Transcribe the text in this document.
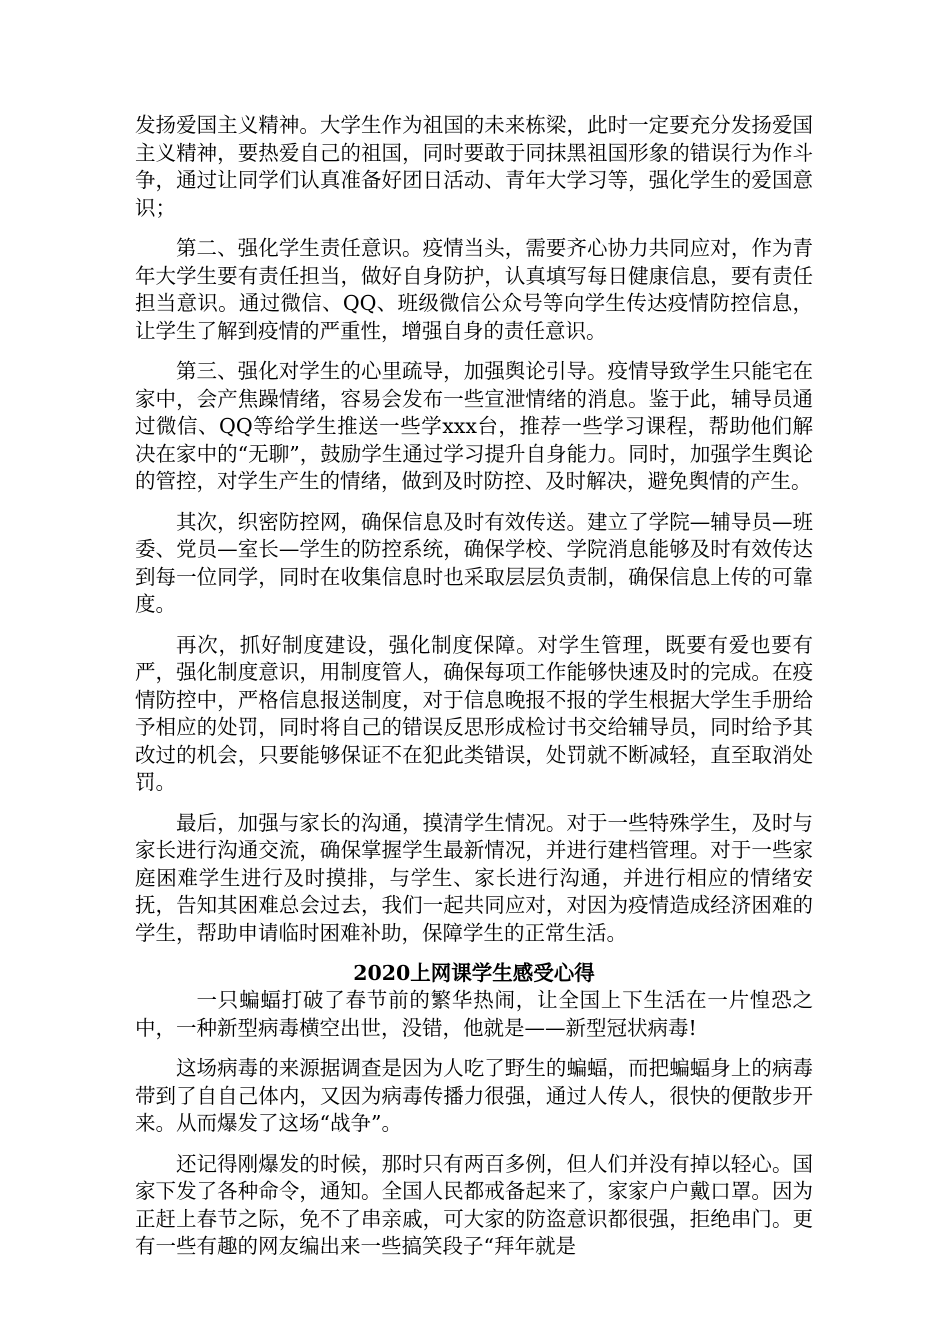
发扬爱国主义精神。大学生作为祖国的未来栋梁，此时一定要充分发扬爱国主义精神，要热爱自己的祖国，同时要敢于同抹黑祖国形象的错误行为作斗争，通过让同学们认真准备好团日活动、青年大学习等，强化学生的爱国意识；

第二、强化学生责任意识。疫情当头，需要齐心协力共同应对，作为青年大学生要有责任担当，做好自身防护，认真填写每日健康信息，要有责任担当意识。通过微信、QQ、班级微信公众号等向学生传达疫情防控信息，让学生了解到疫情的严重性，增强自身的责任意识。

第三、强化对学生的心里疏导，加强舆论引导。疫情导致学生只能宅在家中，会产焦躁情绪，容易会发布一些宣泄情绪的消息。鉴于此，辅导员通过微信、QQ等给学生推送一些学xxx台，推荐一些学习课程，帮助他们解决在家中的“无聊”，鼓励学生通过学习提升自身能力。同时，加强学生舆论的管控，对学生产生的情绪，做到及时防控、及时解决，避免舆情的产生。

其次，织密防控网，确保信息及时有效传送。建立了学院—辅导员—班委、党员—室长—学生的防控系统，确保学校、学院消息能够及时有效传达到每一位同学，同时在收集信息时也采取层层负责制，确保信息上传的可靠度。

再次，抓好制度建设，强化制度保障。对学生管理，既要有爱也要有严，强化制度意识，用制度管人，确保每项工作能够快速及时的完成。在疫情防控中，严格信息报送制度，对于信息晚报不报的学生根据大学生手册给予相应的处罚，同时将自己的错误反思形成检讨书交给辅导员，同时给予其改过的机会，只要能够保证不在犯此类错误，处罚就不断减轻，直至取消处罚。

最后，加强与家长的沟通，摸清学生情况。对于一些特殊学生，及时与家长进行沟通交流，确保掌握学生最新情况，并进行建档管理。对于一些家庭困难学生进行及时摸排，与学生、家长进行沟通，并进行相应的情绪安抚，告知其困难总会过去，我们一起共同应对，对因为疫情造成经济困难的学生，帮助申请临时困难补助，保障学生的正常生活。

2020上网课学生感受心得

一只蝙蝠打破了春节前的繁华热闹，让全国上下生活在一片惶恐之中，一种新型病毒横空出世，没错，他就是——新型冠状病毒!

这场病毒的来源据调查是因为人吃了野生的蝙蝠，而把蝙蝠身上的病毒带到了自自己体内，又因为病毒传播力很强，通过人传人，很快的便散步开来。从而爆发了这场“战争”。

还记得刚爆发的时候，那时只有两百多例，但人们并没有掉以轻心。国家下发了各种命令，通知。全国人民都戒备起来了，家家户户戴口罩。因为正赶上春节之际，免不了串亲戚，可大家的防盗意识都很强，拒绝串门。更有一些有趣的网友编出来一些搞笑段子“拜年就是
